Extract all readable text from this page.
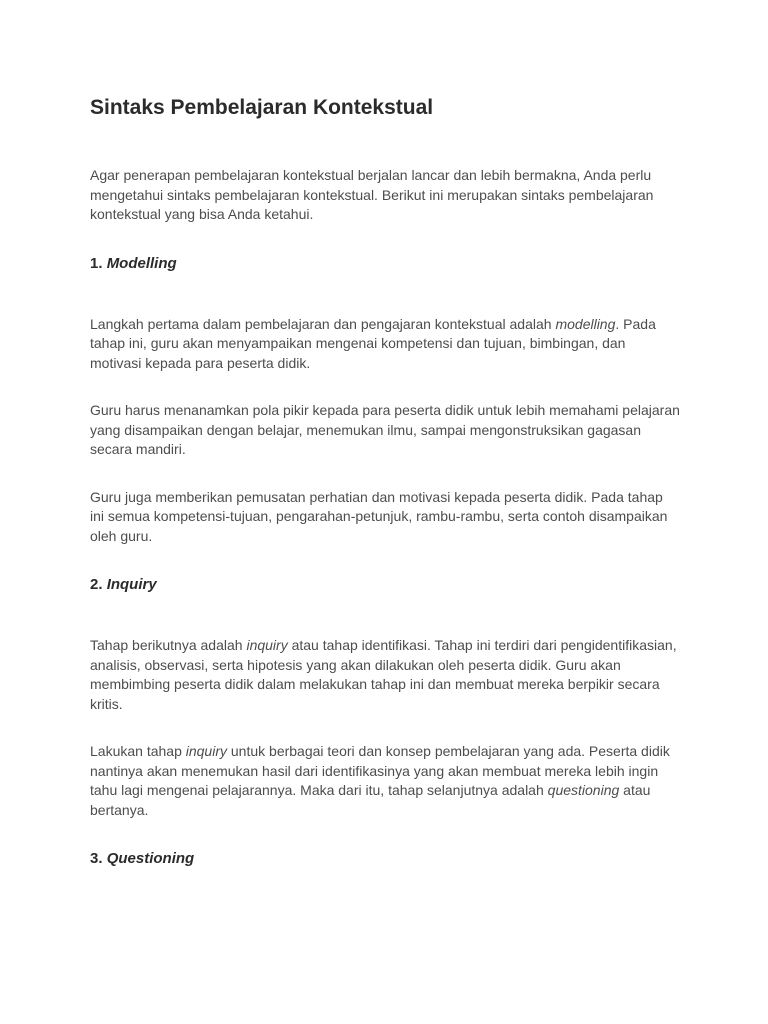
Sintaks Pembelajaran Kontekstual

Agar penerapan pembelajaran kontekstual berjalan lancar dan lebih bermakna, Anda perlu mengetahui sintaks pembelajaran kontekstual. Berikut ini merupakan sintaks pembelajaran kontekstual yang bisa Anda ketahui.

1. Modelling

Langkah pertama dalam pembelajaran dan pengajaran kontekstual adalah modelling. Pada tahap ini, guru akan menyampaikan mengenai kompetensi dan tujuan, bimbingan, dan motivasi kepada para peserta didik.

Guru harus menanamkan pola pikir kepada para peserta didik untuk lebih memahami pelajaran yang disampaikan dengan belajar, menemukan ilmu, sampai mengonstruksikan gagasan secara mandiri.

Guru juga memberikan pemusatan perhatian dan motivasi kepada peserta didik. Pada tahap ini semua kompetensi-tujuan, pengarahan-petunjuk, rambu-rambu, serta contoh disampaikan oleh guru.

2. Inquiry

Tahap berikutnya adalah inquiry atau tahap identifikasi. Tahap ini terdiri dari pengidentifikasian, analisis, observasi, serta hipotesis yang akan dilakukan oleh peserta didik. Guru akan membimbing peserta didik dalam melakukan tahap ini dan membuat mereka berpikir secara kritis.

Lakukan tahap inquiry untuk berbagai teori dan konsep pembelajaran yang ada. Peserta didik nantinya akan menemukan hasil dari identifikasinya yang akan membuat mereka lebih ingin tahu lagi mengenai pelajarannya. Maka dari itu, tahap selanjutnya adalah questioning atau bertanya.

3. Questioning
